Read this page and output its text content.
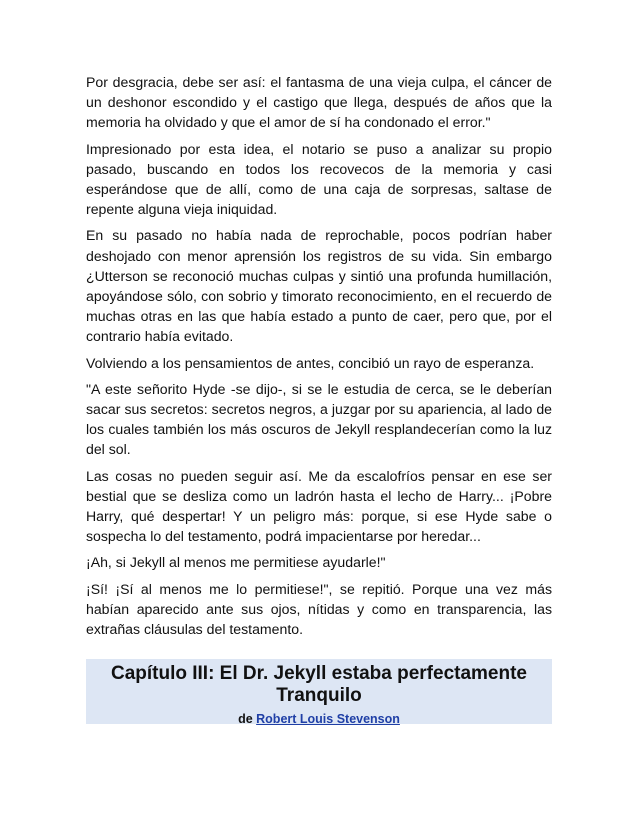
Por desgracia, debe ser así: el fantasma de una vieja culpa, el cáncer de un deshonor escondido y el castigo que llega, después de años que la memoria ha olvidado y que el amor de sí ha condonado el error."

Impresionado por esta idea, el notario se puso a analizar su propio pasado, buscando en todos los recovecos de la memoria y casi esperándose que de allí, como de una caja de sorpresas, saltase de repente alguna vieja iniquidad.

En su pasado no había nada de reprochable, pocos podrían haber deshojado con menor aprensión los registros de su vida. Sin embargo ¿Utterson se reconoció muchas culpas y sintió una profunda humillación, apoyándose sólo, con sobrio y timorato reconocimiento, en el recuerdo de muchas otras en las que había estado a punto de caer, pero que, por el contrario había evitado.

Volviendo a los pensamientos de antes, concibió un rayo de esperanza.

"A este señorito Hyde -se dijo-, si se le estudia de cerca, se le deberían sacar sus secretos: secretos negros, a juzgar por su apariencia, al lado de los cuales también los más oscuros de Jekyll resplandecerían como la luz del sol.

Las cosas no pueden seguir así. Me da escalofríos pensar en ese ser bestial que se desliza como un ladrón hasta el lecho de Harry... ¡Pobre Harry, qué despertar! Y un peligro más: porque, si ese Hyde sabe o sospecha lo del testamento, podrá impacientarse por heredar...

¡Ah, si Jekyll al menos me permitiese ayudarle!"

¡Sí! ¡Sí al menos me lo permitiese!", se repitió. Porque una vez más habían aparecido ante sus ojos, nítidas y como en transparencia, las extrañas cláusulas del testamento.

Capítulo III: El Dr. Jekyll estaba perfectamente Tranquilo

de Robert Louis Stevenson
